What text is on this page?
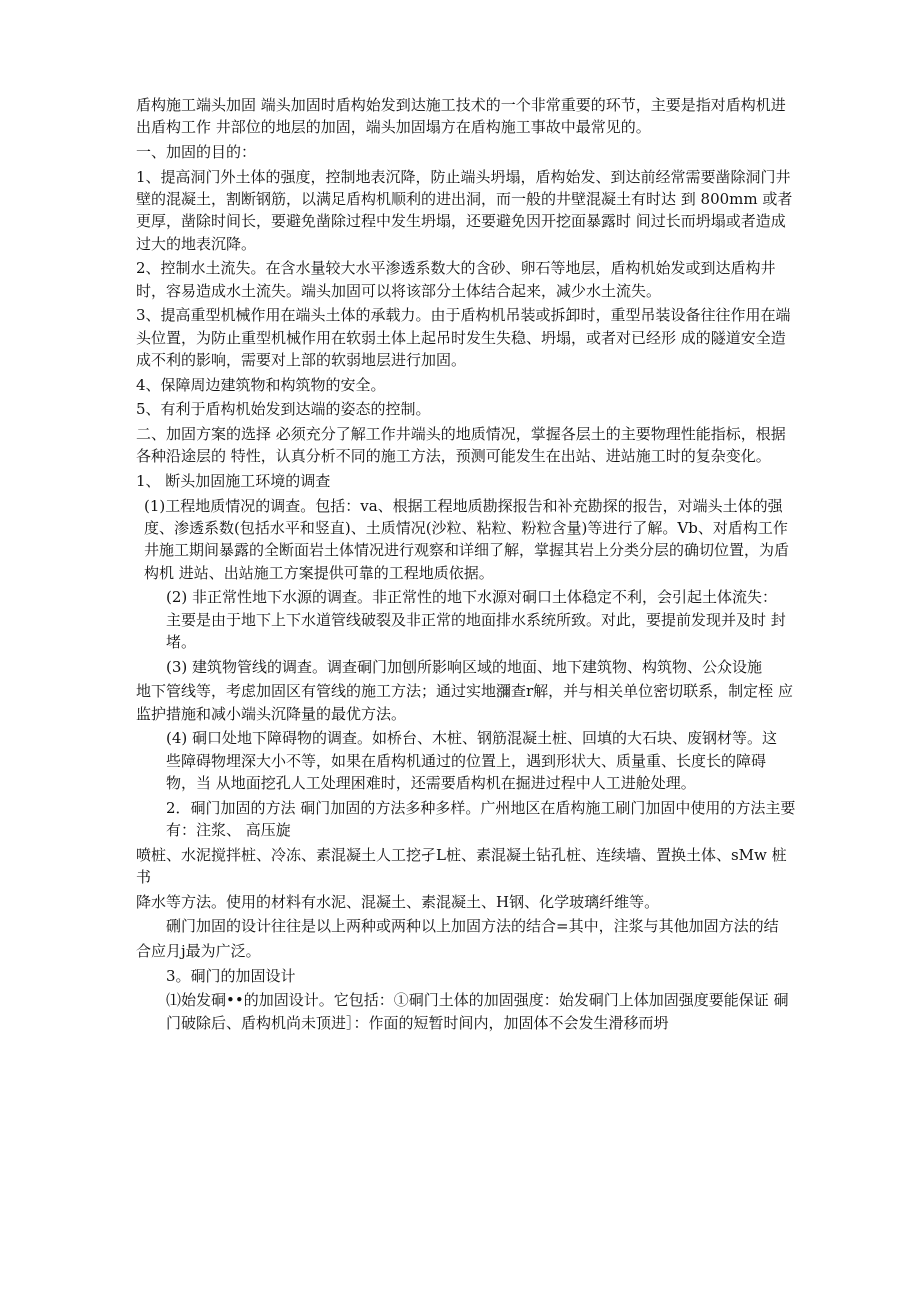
盾构施工端头加固 端头加固时盾构始发到达施工技术的一个非常重要的环节，主要是指对盾构机进出盾构工作 井部位的地层的加固，端头加固塌方在盾构施工事故中最常见的。

一、加固的目的：

1、提高洞门外土体的强度，控制地表沉降，防止端头坍塌，盾构始发、到达前经常需要凿除洞门井壁的混凝土，割断钢筋，以满足盾构机顺利的进出洞，而一般的井壁混凝土有时达 到 800mm 或者更厚，凿除时间长，要避免凿除过程中发生坍塌，还要避免因开挖面暴露时 间过长而坍塌或者造成过大的地表沉降。

2、控制水土流失。在含水量较大水平渗透系数大的含砂、卵石等地层，盾构机始发或到达盾构井时，容易造成水土流失。端头加固可以将该部分土体结合起来，减少水土流失。

3、提高重型机械作用在端头土体的承载力。由于盾构机吊装或拆卸时，重型吊装设备往往作用在端头位置，为防止重型机械作用在软弱土体上起吊时发生失稳、坍塌，或者对已经形 成的隧道安全造成不利的影响，需要对上部的软弱地层进行加固。

4、保障周边建筑物和构筑物的安全。

5、有利于盾构机始发到达端的姿态的控制。

二、加固方案的选择 必须充分了解工作井端头的地质情况，掌握各层土的主要物理性能指标，根据各种沿途层的 特性，认真分析不同的施工方法，预测可能发生在出站、进站施工时的复杂变化。

1、 断头加固施工环境的调查

(1)工程地质情况的调查。包括：va、根据工程地质勘探报告和补充勘探的报告，对端头土体的强度、渗透系数(包括水平和竖直)、土质情况(沙粒、粘粒、粉粒含量)等进行了解。Vb、对盾构工作井施工期间暴露的全断面岩土体情况进行观察和详细了解，掌握其岩上分类分层的确切位置，为盾构机 进站、出站施工方案提供可靠的工程地质依据。

(2) 非正常性地下水源的调查。非正常性的地下水源对硐口土体稳定不利，会引起土体流失： 主要是由于地下上下水道管线破裂及非正常的地面排水系统所致。对此，要提前发现并及时 封堵。

(3) 建筑物管线的调查。调查硐门加刨所影响区域的地面、地下建筑物、构筑物、公众设施

地下管线等，考虑加固区有管线的施工方法；通过实地瀰查r解，并与相关单位密切联系，制定桎 应监护措施和减小端头沉降量的最优方法。

(4) 硐口处地下障碍物的调查。如桥台、木桩、钢筋混凝土桩、回填的大石块、废钢材等。这 些障碍物埋深大小不等，如果在盾构机通过的位置上，遇到形状大、质量重、长度长的障碍 物，当 从地面挖孔人工处理困难时，还需要盾构机在掘进过程中人工进舱处理。

2．硐门加固的方法 硐门加固的方法多种多样。广州地区在盾构施工刷门加固中使用的方法主要有：注浆、 高压旋

喷桩、水泥搅拌桩、冷冻、素混凝土人工挖孑L桩、素混凝土钻孔桩、连续墙、置换土体、sMw 桩书

降水等方法。使用的材料有水泥、混凝土、素混凝土、H钢、化学玻璃纤维等。

硎门加固的设计往往是以上两种或两种以上加固方法的结合=其中，注浆与其他加固方法的结

合应月j最为广泛。

3。硐门的加固设计

⑴始发硐••的加固设计。它包括：①硐门土体的加固强度：始发硐门上体加固强度要能保证 硐门破除后、盾构机尚未顶进］：作面的短暂时间内，加固体不会发生滑移而坍
